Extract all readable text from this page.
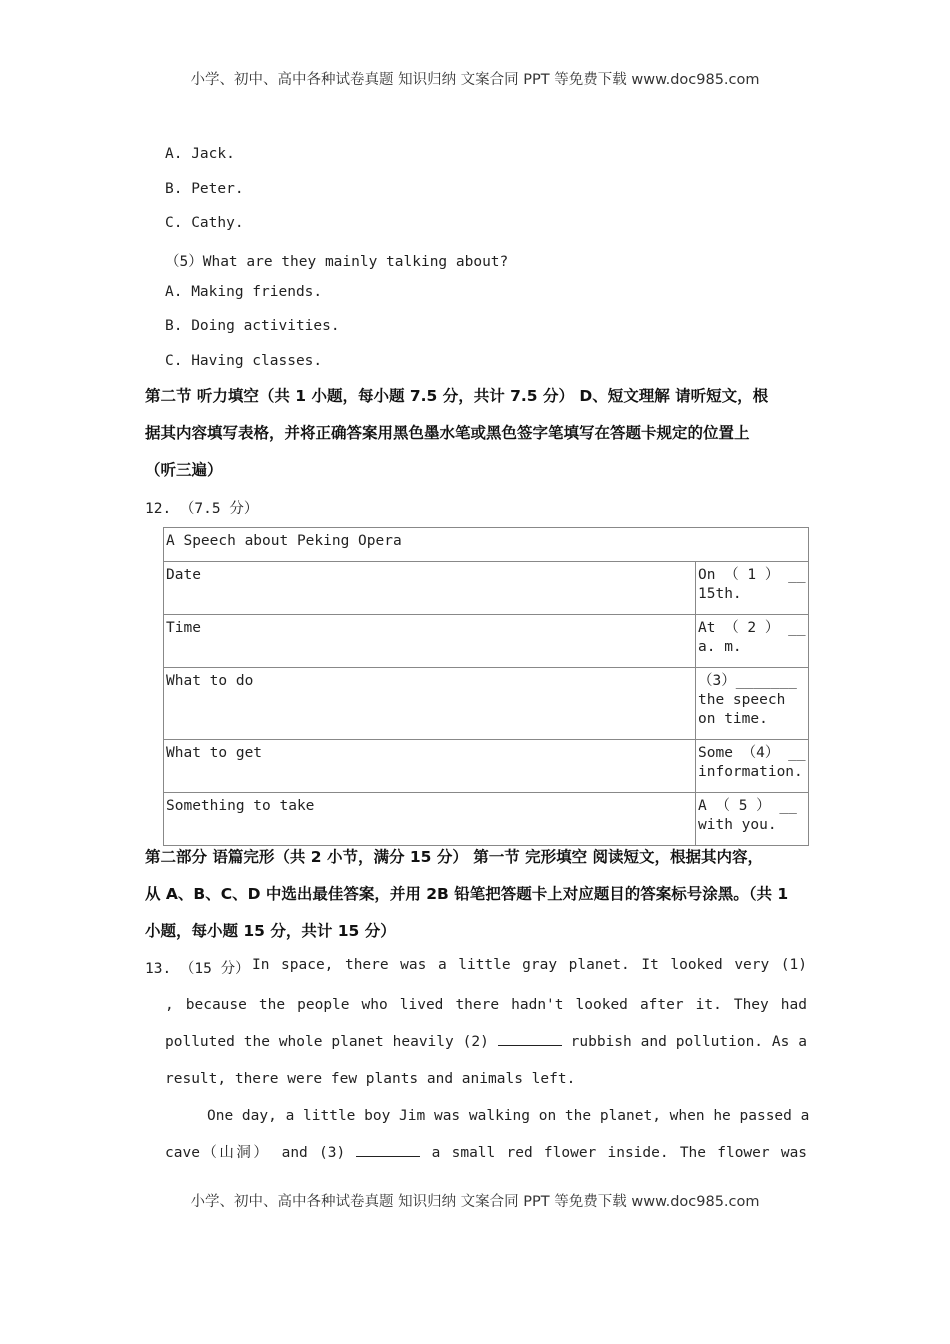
小学、初中、高中各种试卷真题 知识归纳 文案合同 PPT 等免费下载 www.doc985.com
A. Jack.
B. Peter.
C. Cathy.
（5）What are they mainly talking about?
A. Making friends.
B. Doing activities.
C. Having classes.
第二节 听力填空（共 1 小题，每小题 7.5 分，共计 7.5 分） D、短文理解 请听短文，根
据其内容填写表格，并将正确答案用黑色墨水笔或黑色签字笔填写在答题卡规定的位置上
（听三遍）
12. （7.5 分）
A Speech about Peking Opera	
Date	On （ 1 ） __ 15th.
Time	At （ 2 ） __ a. m.
What to do	（3）_______ the speech on time.
What to get	Some （4） __ information.
Something to take	A （ 5 ） __ with you.
第二部分 语篇完形（共 2 小节，满分 15 分） 第一节 完形填空 阅读短文，根据其内容，
从 A、B、C、D 中选出最佳答案，并用 2B 铅笔把答题卡上对应题目的答案标号涂黑。（共 1
小题，每小题 15 分，共计 15 分）
13. （15 分） In space, there was a little gray planet. It looked very (1)
, because the people who lived there hadn't looked after it. They had
polluted the whole planet heavily (2)	rubbish and pollution. As a
result, there were few plants and animals left.
One day, a little boy Jim was walking on the planet, when he passed a
cave（山洞） and (3)	a small red flower inside. The flower was
小学、初中、高中各种试卷真题 知识归纳 文案合同 PPT 等免费下载 www.doc985.com
